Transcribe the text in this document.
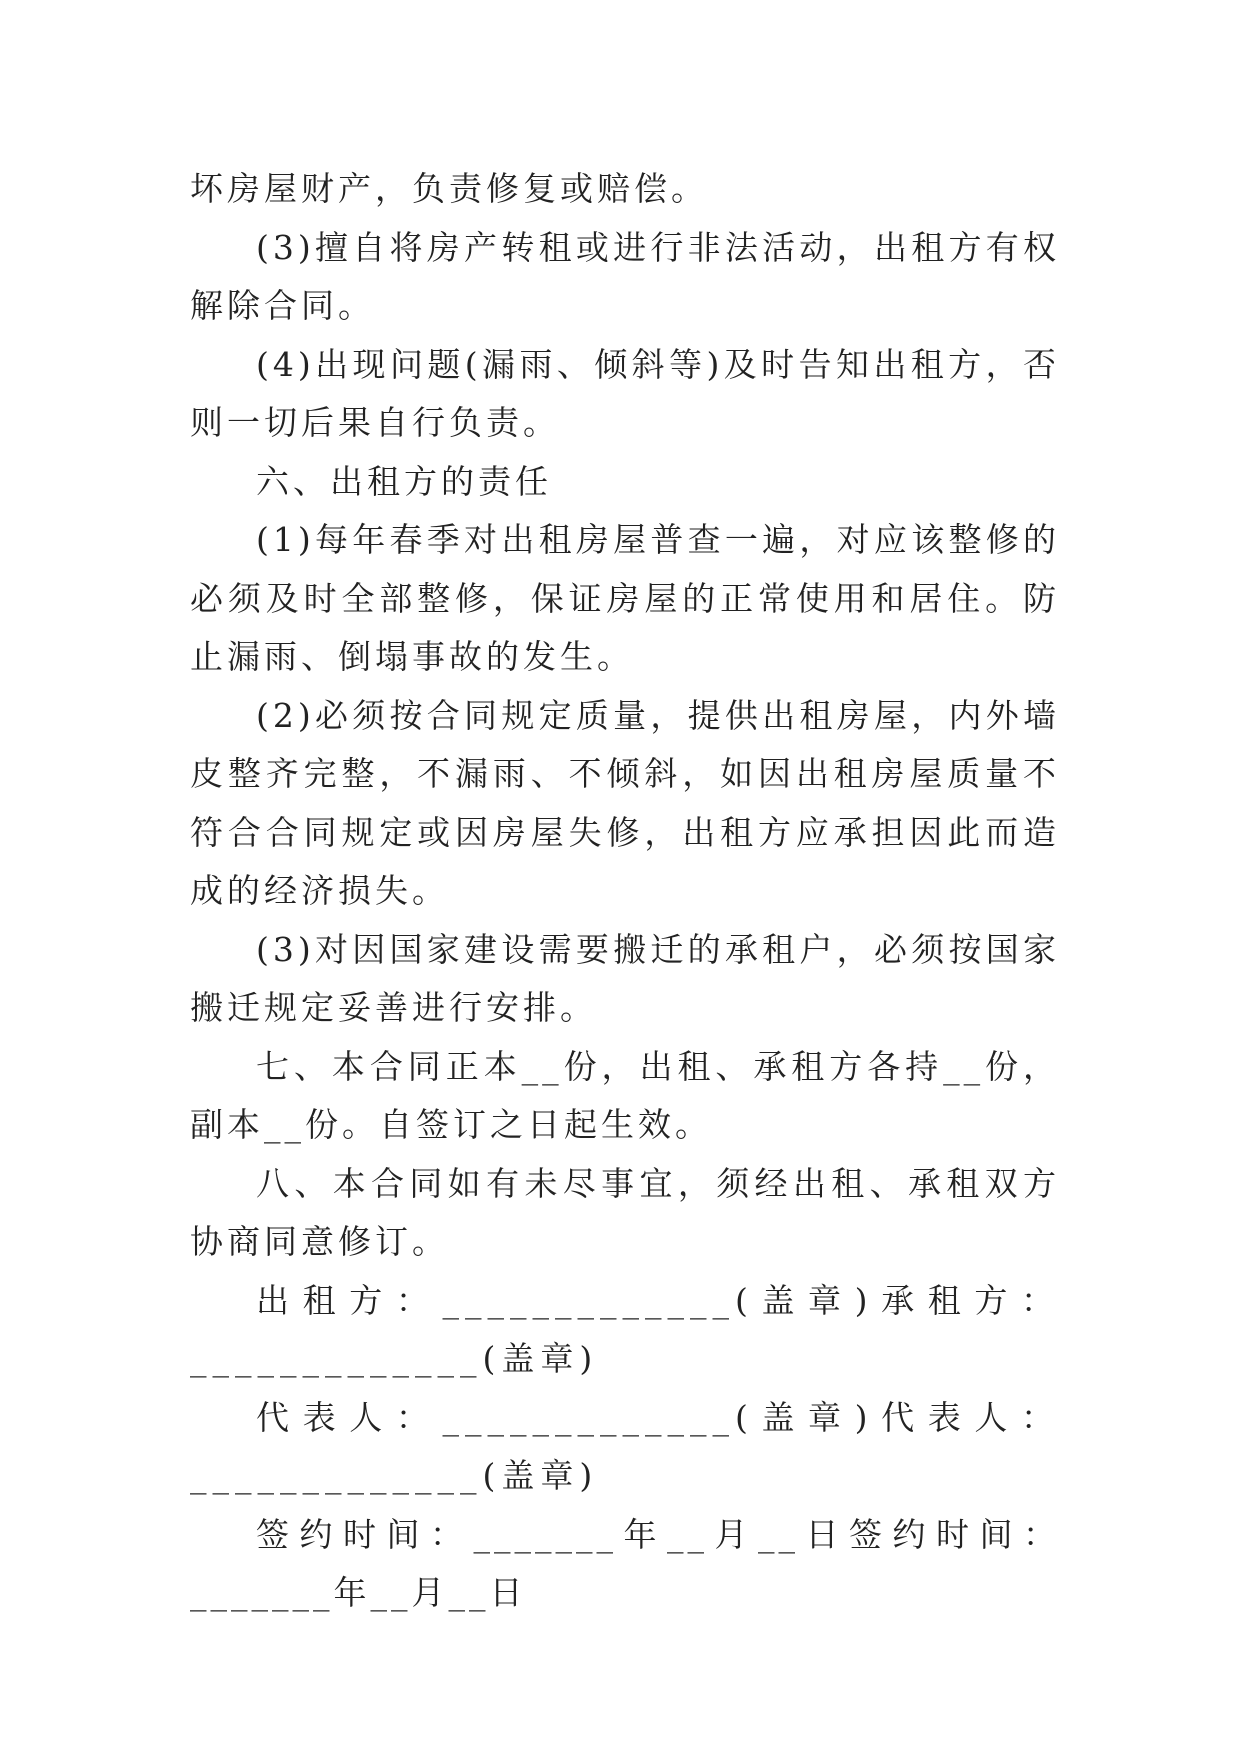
坏房屋财产，负责修复或赔偿。

(3)擅自将房产转租或进行非法活动，出租方有权解除合同。

(4)出现问题(漏雨、倾斜等)及时告知出租方，否则一切后果自行负责。

六、出租方的责任

(1)每年春季对出租房屋普查一遍，对应该整修的必须及时全部整修，保证房屋的正常使用和居住。防止漏雨、倒塌事故的发生。

(2)必须按合同规定质量，提供出租房屋，内外墙皮整齐完整，不漏雨、不倾斜，如因出租房屋质量不符合合同规定或因房屋失修，出租方应承担因此而造成的经济损失。

(3)对因国家建设需要搬迁的承租户，必须按国家搬迁规定妥善进行安排。

七、本合同正本__份，出租、承租方各持__份，副本__份。自签订之日起生效。

八、本合同如有未尽事宜，须经出租、承租双方协商同意修订。

出租方：_____________(盖章)承租方：_____________(盖章)

代表人：_____________(盖章)代表人：_____________(盖章)

签约时间：_______年__月__日签约时间：_______年__月__日
